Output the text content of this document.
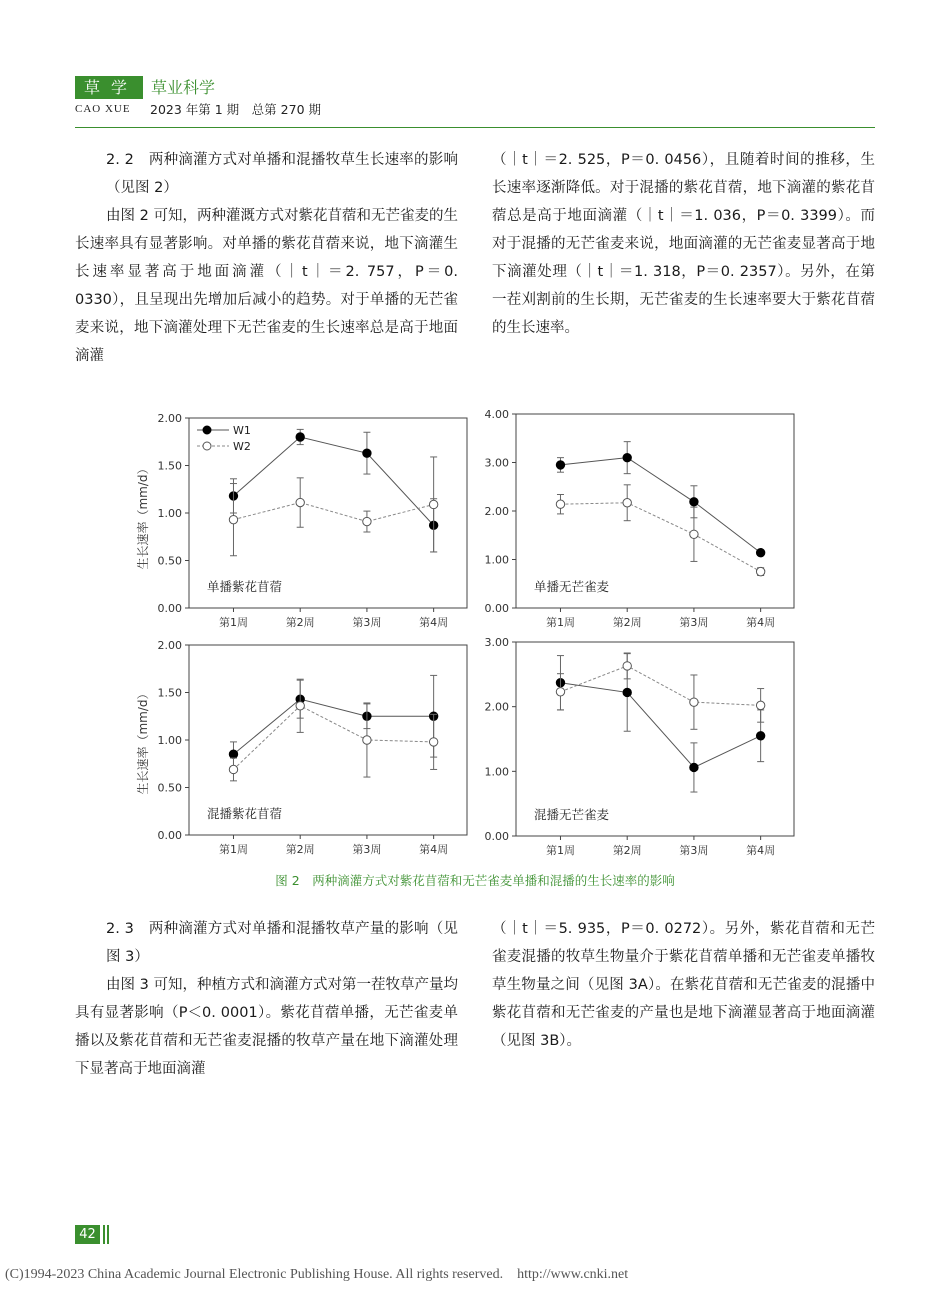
草学 草业科学
CAO XUE 2023 年第 1 期　总第 270 期

2. 2　两种滴灌方式对单播和混播牧草生长速率的影响（见图 2）

由图 2 可知，两种灌溉方式对紫花苜蓿和无芒雀麦的生长速率具有显著影响。对单播的紫花苜蓿来说，地下滴灌生长速率显著高于地面滴灌（｜t｜＝2. 757，P＝0. 0330），且呈现出先增加后减小的趋势。对于单播的无芒雀麦来说，地下滴灌处理下无芒雀麦的生长速率总是高于地面滴灌

（｜t｜＝2. 525，P＝0. 0456），且随着时间的推移，生长速率逐渐降低。对于混播的紫花苜蓿，地下滴灌的紫花苜蓿总是高于地面滴灌（｜t｜＝1. 036，P＝0. 3399）。而对于混播的无芒雀麦来说，地面滴灌的无芒雀麦显著高于地下滴灌处理（｜t｜＝1. 318，P＝0. 2357）。另外，在第一茬刈割前的生长期，无芒雀麦的生长速率要大于紫花苜蓿的生长速率。

0.00
0.50
1.00
1.50
2.00
第1周	第2周	第3周	第4周
单播紫花苜蓿
W1
W2
0.00
1.00
2.00
3.00
4.00
第1周	第2周	第3周	第4周
单播无芒雀麦
0.00
0.50
1.00
1.50
2.00
第1周	第2周	第3周	第4周
混播紫花苜蓿
0.00
1.00
2.00
3.00
第1周	第2周	第3周	第4周
混播无芒雀麦
生长速率（mm/d）
生长速率（mm/d）
图 2　两种滴灌方式对紫花苜蓿和无芒雀麦单播和混播的生长速率的影响

2. 3　两种滴灌方式对单播和混播牧草产量的影响（见图 3）

由图 3 可知，种植方式和滴灌方式对第一茬牧草产量均具有显著影响（P＜0. 0001）。紫花苜蓿单播，无芒雀麦单播以及紫花苜蓿和无芒雀麦混播的牧草产量在地下滴灌处理下显著高于地面滴灌

（｜t｜＝5. 935，P＝0. 0272）。另外，紫花苜蓿和无芒雀麦混播的牧草生物量介于紫花苜蓿单播和无芒雀麦单播牧草生物量之间（见图 3A）。在紫花苜蓿和无芒雀麦的混播中紫花苜蓿和无芒雀麦的产量也是地下滴灌显著高于地面滴灌（见图 3B）。

42
(C)1994-2023 China Academic Journal Electronic Publishing House. All rights reserved.    http://www.cnki.net
